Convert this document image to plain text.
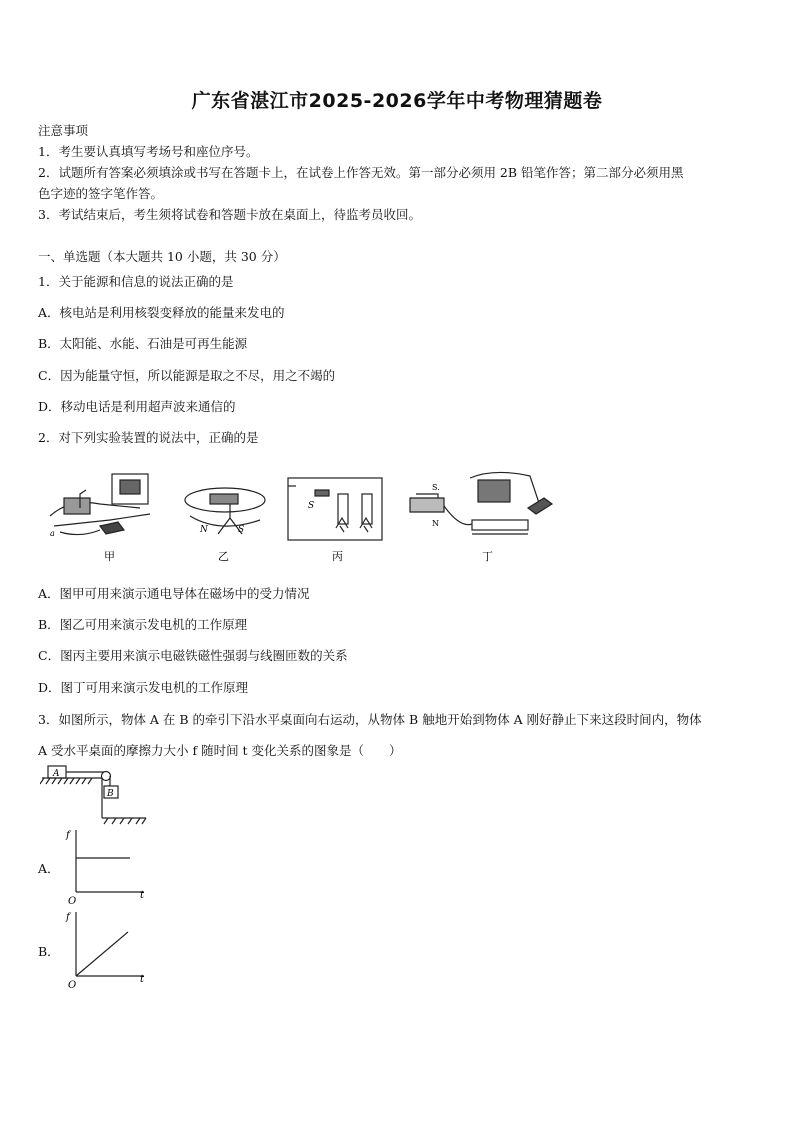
广东省湛江市2025-2026学年中考物理猜题卷
注意事项
1．考生要认真填写考场号和座位序号。
2．试题所有答案必须填涂或书写在答题卡上，在试卷上作答无效。第一部分必须用 2B 铅笔作答；第二部分必须用黑
色字迹的签字笔作答。
3．考试结束后，考生须将试卷和答题卡放在桌面上，待监考员收回。
一、单选题（本大题共 10 小题，共 30 分）
1．关于能源和信息的说法正确的是
A．核电站是利用核裂变释放的能量来发电的
B．太阳能、水能、石油是可再生能源
C．因为能量守恒，所以能源是取之不尽，用之不竭的
D．移动电话是利用超声波来通信的
2．对下列实验装置的说法中，正确的是
a
甲
N	S
乙
S
丙
S.
N
丁
A．图甲可用来演示通电导体在磁场中的受力情况
B．图乙可用来演示发电机的工作原理
C．图丙主要用来演示电磁铁磁性强弱与线圈匝数的关系
D．图丁可用来演示发电机的工作原理
3．如图所示，物体 A 在 B 的牵引下沿水平桌面向右运动，从物体 B 触地开始到物体 A 刚好静止下来这段时间内，物体
A 受水平桌面的摩擦力大小 f 随时间 t 变化关系的图象是（　　）
A
B
A．
f
t
O
B．
f
t
O
